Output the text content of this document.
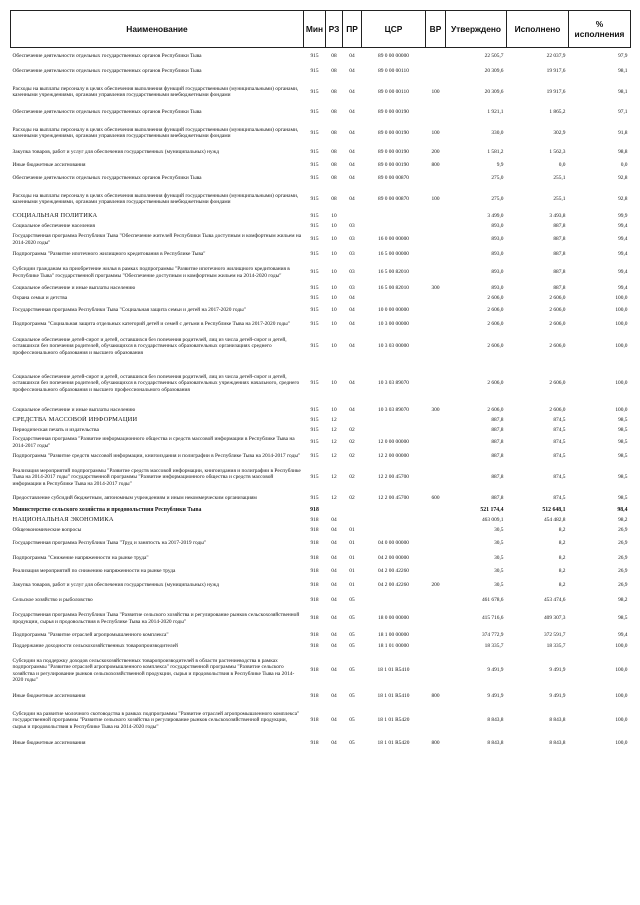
Наименование	Мин	РЗ	ПР	ЦСР	ВР	Утверждено	Исполнено	% исполнения
Обеспечение деятельности отдельных государственных органов Республики Тыва	915	08	04	89 0 00 00000		22 505,7	22 037,9	97,9
Обеспечение деятельности отдельных государственных органов Республики Тыва	915	08	04	89 0 00 00110		20 309,6	19 917,6	98,1
Расходы на выплаты персоналу в целях обеспечения выполнения функций государственными (муниципальными) органами, казенными учреждениями, органами управления государственными внебюджетными фондами	915	08	04	89 0 00 00110	100	20 309,6	19 917,6	98,1
Обеспечение деятельности отдельных государственных органов Республики Тыва	915	08	04	89 0 00 00190		1 921,1	1 865,2	97,1
Расходы на выплаты персоналу в целях обеспечения выполнения функций государственными (муниципальными) органами, казенными учреждениями, органами управления государственными внебюджетными фондами	915	08	04	89 0 00 00190	100	330,0	302,9	91,8
Закупка товаров, работ и услуг для обеспечения государственных (муниципальных) нужд	915	08	04	89 0 00 00190	200	1 581,2	1 562,3	98,8
Иные бюджетные ассигнования	915	08	04	89 0 00 00190	800	9,9	0,0	0,0
Обеспечение деятельности отдельных государственных органов Республики Тыва	915	08	04	89 0 00 00870		275,0	255,1	92,8
Расходы на выплаты персоналу в целях обеспечения выполнения функций государственными (муниципальными) органами, казенными учреждениями, органами управления государственными внебюджетными фондами	915	08	04	89 0 00 00870	100	275,0	255,1	92,8
СОЦИАЛЬНАЯ ПОЛИТИКА	915	10				3 499,0	3 493,8	99,9
Социальное обеспечение населения	915	10	03			893,0	887,8	99,4
Государственная программа Республики Тыва "Обеспечение жителей Республики Тыва доступным и комфортным жильем на 2014-2020 годы"	915	10	03	16 0 00 00000		893,0	887,8	99,4
Подпрограмма "Развитие ипотечного жилищного кредитования в Республике Тыва"	915	10	03	16 5 00 00000		893,0	887,8	99,4
Субсидии гражданам на приобретение жилья в рамках подпрограммы "Развитие ипотечного жилищного кредитования в Республике Тыва" государственной программы "Обеспечение доступным и комфортным жильем на 2014-2020 годы"	915	10	03	16 5 00 82010		893,0	887,8	99,4
Социальное обеспечение и иные выплаты населению	915	10	03	16 5 00 82010	300	893,0	887,8	99,4
Охрана семьи и детства	915	10	04			2 606,0	2 606,0	100,0
Государственная программа Республики Тыва "Социальная защита семьи и детей на 2017-2020 годы"	915	10	04	10 0 00 00000		2 606,0	2 606,0	100,0
Подпрограмма "Социальная защита отдельных категорий детей и семей с детьми в Республике Тыва на 2017-2020 годы"	915	10	04	10 3 00 00000		2 606,0	2 606,0	100,0
Социальное обеспечение детей-сирот и детей, оставшихся без попечения родителей, лиц из числа детей-сирот и детей, оставшихся без попечения родителей, обучающихся в государственных образовательных организациях среднего профессионального образования и высшего образования	915	10	04	10 3 03 00000		2 606,0	2 606,0	100,0
Социальное обеспечение детей-сирот и детей, оставшихся без попечения родителей, лиц из числа детей-сирот и детей, оставшихся без попечения родителей, обучающихся в государственных образовательных учреждениях начального, среднего профессионального образования и высшего профессионального образования	915	10	04	10 3 03 89070		2 606,0	2 606,0	100,0
Социальное обеспечение и иные выплаты населению	915	10	04	10 3 03 89070	300	2 606,0	2 606,0	100,0
СРЕДСТВА МАССОВОЙ ИНФОРМАЦИИ	915	12				887,8	874,5	98,5
Периодическая печать и издательства	915	12	02			887,8	874,5	98,5
Государственная программа "Развитие информационного общества и средств массовой информации в Республике Тыва на 2014-2017 годы"	915	12	02	12 0 00 00000		887,8	874,5	98,5
Подпрограмма "Развитие средств массовой информации, книгоиздания и полиграфии в Республике Тыва на 2014-2017 годы"	915	12	02	12 2 00 00000		887,8	874,5	98,5
Реализация мероприятий подпрограммы "Развитие средств массовой информации, книгоиздания и полиграфии в Республике Тыва на 2014-2017 годы" государственной программы "Развитие информационного общества и средств массовой информации в Республике Тыва на 2014-2017 годы"	915	12	02	12 2 00 45700		887,8	874,5	98,5
Предоставление субсидий бюджетным, автономным учреждениям и иным некоммерческим организациям	915	12	02	12 2 00 45700	600	887,8	874,5	98,5
Министерство сельского хозяйства и продовольствия Республики Тыва	918					521 174,4	512 648,1	98,4
НАЦИОНАЛЬНАЯ ЭКОНОМИКА	918	04				463 009,1	454 482,8	98,2
Общеэкономические вопросы	918	04	01			30,5	8,2	26,9
Государственная программа Республики Тыва "Труд и занятость на 2017-2019 годы"	918	04	01	04 0 00 00000		30,5	8,2	26,9
Подпрограмма "Снижение напряженности на рынке труда"	918	04	01	04 2 00 00000		30,5	8,2	26,9
Реализация мероприятий по снижению напряженности на рынке труда	918	04	01	04 2 00 42260		30,5	8,2	26,9
Закупка товаров, работ и услуг для обеспечения государственных (муниципальных) нужд	918	04	01	04 2 00 42260	200	30,5	8,2	26,9
Сельское хозяйство и рыболовство	918	04	05			461 678,6	453 474,6	98,2
Государственная программа Республики Тыва "Развитие сельского хозяйства и регулирование рынков сельскохозяйственной продукции, сырья и продовольствия в Республике Тыва на 2014-2020 годы"	918	04	05	18 0 00 00000		415 716,6	409 307,3	98,5
Подпрограмма "Развитие отраслей агропромышленного комплекса"	918	04	05	18 1 00 00000		374 772,9	372 591,7	99,4
Поддержание доходности сельскохозяйственных товаропроизводителей	918	04	05	18 1 01 00000		18 335,7	18 335,7	100,0
Субсидии на поддержку доходов сельскохозяйственных товаропроизводителей в области растениеводства в рамках подпрограммы "Развитие отраслей агропромышленного комплекса" государственной программы "Развитие сельского хозяйства и регулирование рынков сельскохозяйственной продукции, сырья и продовольствия в Республике Тыва на 2014-2020 годы"	918	04	05	18 1 01 R5410		9 491,9	9 491,9	100,0
Иные бюджетные ассигнования	918	04	05	18 1 01 R5410	800	9 491,9	9 491,9	100,0
Субсидии на развитие молочного скотоводства в рамках подпрограммы "Развитие отраслей агропромышленного комплекса" государственной программы "Развитие сельского хозяйства и регулирование рынков сельскохозяйственной продукции, сырья и продовольствия в Республике Тыва на 2014-2020 годы"	918	04	05	18 1 01 R5420		8 843,8	8 843,8	100,0
Иные бюджетные ассигнования	918	04	05	18 1 01 R5420	800	8 843,8	8 843,8	100,0
